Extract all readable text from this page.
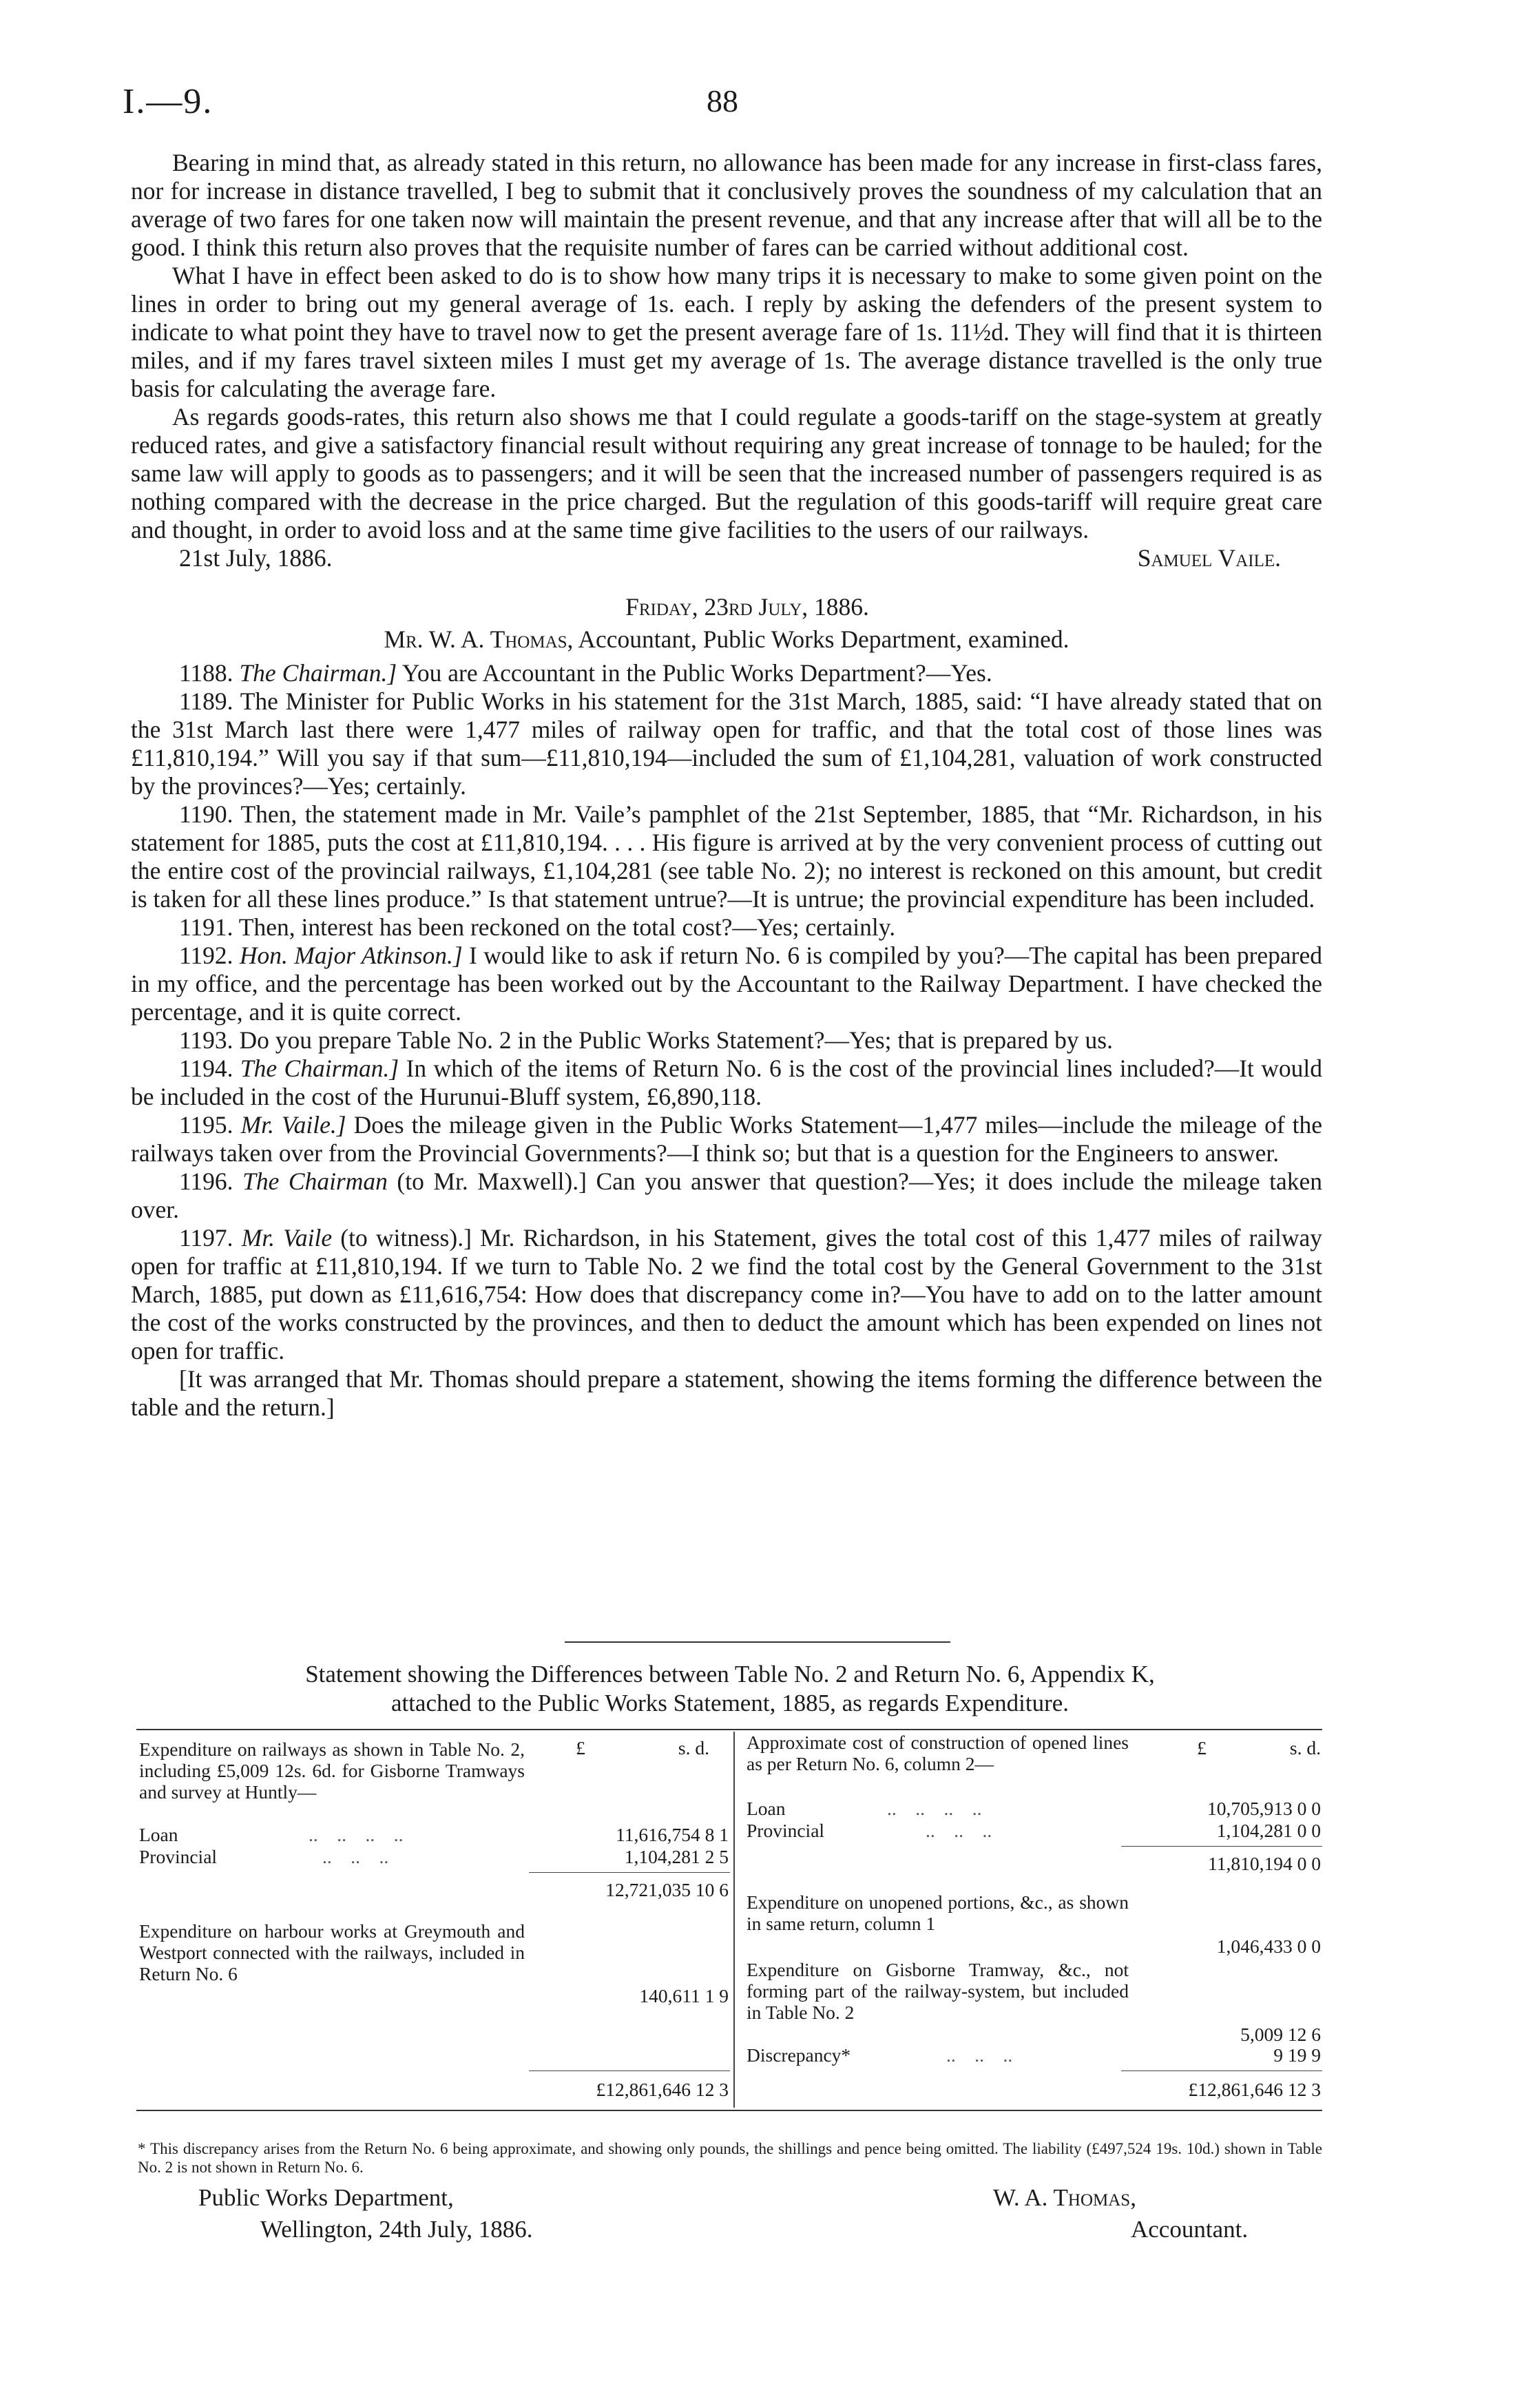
I.—9.	88

Bearing in mind that, as already stated in this return, no allowance has been made for any increase in first-class fares, nor for increase in distance travelled, I beg to submit that it conclusively proves the soundness of my calculation that an average of two fares for one taken now will maintain the present revenue, and that any increase after that will all be to the good. I think this return also proves that the requisite number of fares can be carried without additional cost.

What I have in effect been asked to do is to show how many trips it is necessary to make to some given point on the lines in order to bring out my general average of 1s. each. I reply by asking the defenders of the present system to indicate to what point they have to travel now to get the present average fare of 1s. 11½d. They will find that it is thirteen miles, and if my fares travel sixteen miles I must get my average of 1s. The average distance travelled is the only true basis for calculating the average fare.

As regards goods-rates, this return also shows me that I could regulate a goods-tariff on the stage-system at greatly reduced rates, and give a satisfactory financial result without requiring any great increase of tonnage to be hauled; for the same law will apply to goods as to passengers; and it will be seen that the increased number of passengers required is as nothing compared with the decrease in the price charged. But the regulation of this goods-tariff will require great care and thought, in order to avoid loss and at the same time give facilities to the users of our railways.

21st July, 1886.	Samuel Vaile.

Friday, 23rd July, 1886.

Mr. W. A. Thomas, Accountant, Public Works Department, examined.

1188. The Chairman.] You are Accountant in the Public Works Department?—Yes.

1189. The Minister for Public Works in his statement for the 31st March, 1885, said: “I have already stated that on the 31st March last there were 1,477 miles of railway open for traffic, and that the total cost of those lines was £11,810,194.” Will you say if that sum—£11,810,194—included the sum of £1,104,281, valuation of work constructed by the provinces?—Yes; certainly.

1190. Then, the statement made in Mr. Vaile’s pamphlet of the 21st September, 1885, that “Mr. Richardson, in his statement for 1885, puts the cost at £11,810,194. . . . His figure is arrived at by the very convenient process of cutting out the entire cost of the provincial railways, £1,104,281 (see table No. 2); no interest is reckoned on this amount, but credit is taken for all these lines produce.” Is that statement untrue?—It is untrue; the provincial expenditure has been included.

1191. Then, interest has been reckoned on the total cost?—Yes; certainly.

1192. Hon. Major Atkinson.] I would like to ask if return No. 6 is compiled by you?—The capital has been prepared in my office, and the percentage has been worked out by the Accountant to the Railway Department. I have checked the percentage, and it is quite correct.

1193. Do you prepare Table No. 2 in the Public Works Statement?—Yes; that is prepared by us.

1194. The Chairman.] In which of the items of Return No. 6 is the cost of the provincial lines included?—It would be included in the cost of the Hurunui-Bluff system, £6,890,118.

1195. Mr. Vaile.] Does the mileage given in the Public Works Statement—1,477 miles—include the mileage of the railways taken over from the Provincial Governments?—I think so; but that is a question for the Engineers to answer.

1196. The Chairman (to Mr. Maxwell).] Can you answer that question?—Yes; it does include the mileage taken over.

1197. Mr. Vaile (to witness).] Mr. Richardson, in his Statement, gives the total cost of this 1,477 miles of railway open for traffic at £11,810,194. If we turn to Table No. 2 we find the total cost by the General Government to the 31st March, 1885, put down as £11,616,754: How does that discrepancy come in?—You have to add on to the latter amount the cost of the works constructed by the provinces, and then to deduct the amount which has been expended on lines not open for traffic.

[It was arranged that Mr. Thomas should prepare a statement, showing the items forming the difference between the table and the return.]

Statement showing the Differences between Table No. 2 and Return No. 6, Appendix K,
attached to the Public Works Statement, 1885, as regards Expenditure.
£	s. d.
Expenditure on railways as shown in Table No. 2, including £5,009 12s. 6d. for Gisborne Tramways and survey at Huntly—
Loan	..    ..    ..    ..	11,616,754 8 1
Provincial	..    ..    ..	1,104,281 2 5
12,721,035 10 6
Expenditure on harbour works at Greymouth and Westport connected with the railways, included in Return No. 6
140,611 1 9
£12,861,646 12 3
£	s. d.
Approximate cost of construction of opened lines as per Return No. 6, column 2—
Loan	..    ..    ..    ..	10,705,913 0 0
Provincial	..    ..    ..	1,104,281 0 0
11,810,194 0 0
Expenditure on unopened portions, &c., as shown in same return, column 1
1,046,433 0 0
Expenditure on Gisborne Tramway, &c., not forming part of the railway-system, but included in Table No. 2
5,009 12 6
Discrepancy*	..    ..    ..	9 19 9
£12,861,646 12 3
* This discrepancy arises from the Return No. 6 being approximate, and showing only pounds, the shillings and pence being omitted. The liability (£497,524 19s. 10d.) shown in Table No. 2 is not shown in Return No. 6.
Public Works Department,
Wellington, 24th July, 1886.
W. A. Thomas,
Accountant.
